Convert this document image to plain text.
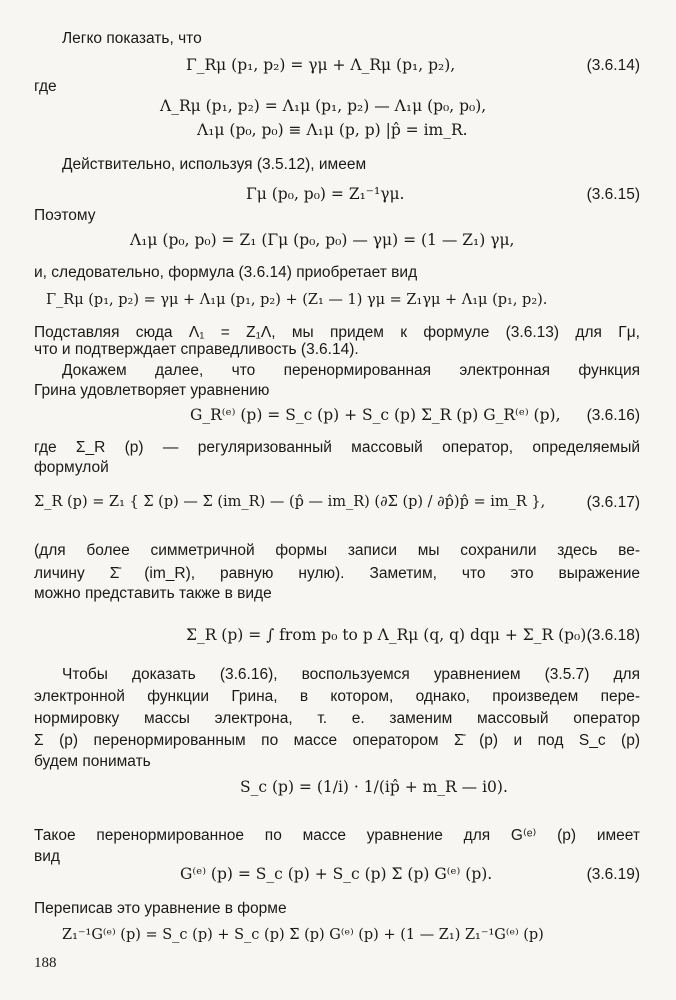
Легко показать, что
Γ_Rμ (p₁, p₂) = γμ + Λ_Rμ (p₁, p₂),	(3.6.14)
где
Λ_Rμ (p₁, p₂) = Λ₁μ (p₁, p₂) — Λ₁μ (p₀, p₀),
Λ₁μ (p₀, p₀) ≡ Λ₁μ (p, p) |p̂ = im_R.
Действительно, используя (3.5.12), имеем
Γμ (p₀, p₀) = Z₁⁻¹γμ.	(3.6.15)
Поэтому
Λ₁μ (p₀, p₀) = Z₁ (Γμ (p₀, p₀) — γμ) = (1 — Z₁) γμ,
и, следовательно, формула (3.6.14) приобретает вид
Γ_Rμ (p₁, p₂) = γμ + Λ₁μ (p₁, p₂) + (Z₁ — 1) γμ = Z₁γμ + Λ₁μ (p₁, p₂).
Подставляя сюда Λ₁ = Z₁Λ, мы придем к формуле (3.6.13) для Γμ,
что и подтверждает справедливость (3.6.14).
Докажем далее, что перенормированная электронная функция
Грина удовлетворяет уравнению
G_R⁽ᵉ⁾ (p) = S_c (p) + S_c (p) Σ_R (p) G_R⁽ᵉ⁾ (p), (3.6.16)
где Σ_R (p) — регуляризованный массовый оператор, определяемый
формулой
Σ_R (p) = Z₁ { Σ̄ (p) — Σ̄ (im_R) — (p̂ — im_R) (∂Σ̄ (p) / ∂p̂)p̂ = im_R },	(3.6.17)
(для более симметричной формы записи мы сохранили здесь ве-
личину Σ̄ (im_R), равную нулю). Заметим, что это выражение
можно представить также в виде
Σ_R (p) = ∫ from p₀ to p Λ_Rμ (q, q) dqμ + Σ_R (p₀).
(3.6.18)
Чтобы доказать (3.6.16), воспользуемся уравнением (3.5.7) для
электронной функции Грина, в котором, однако, произведем пере-
нормировку массы электрона, т. е. заменим массовый оператор
Σ (p) перенормированным по массе оператором Σ̄ (p) и под S_c (p)
будем понимать
S_c (p) = (1/i) · 1/(ip̂ + m_R — i0).
Такое перенормированное по массе уравнение для G⁽ᵉ⁾ (p) имеет
вид
G⁽ᵉ⁾ (p) = S_c (p) + S_c (p) Σ̄ (p) G⁽ᵉ⁾ (p).	(3.6.19)
Переписав это уравнение в форме
Z₁⁻¹G⁽ᵉ⁾ (p) = S_c (p) + S_c (p) Σ̄ (p) G⁽ᵉ⁾ (p) + (1 — Z₁) Z₁⁻¹G⁽ᵉ⁾ (p)
188
